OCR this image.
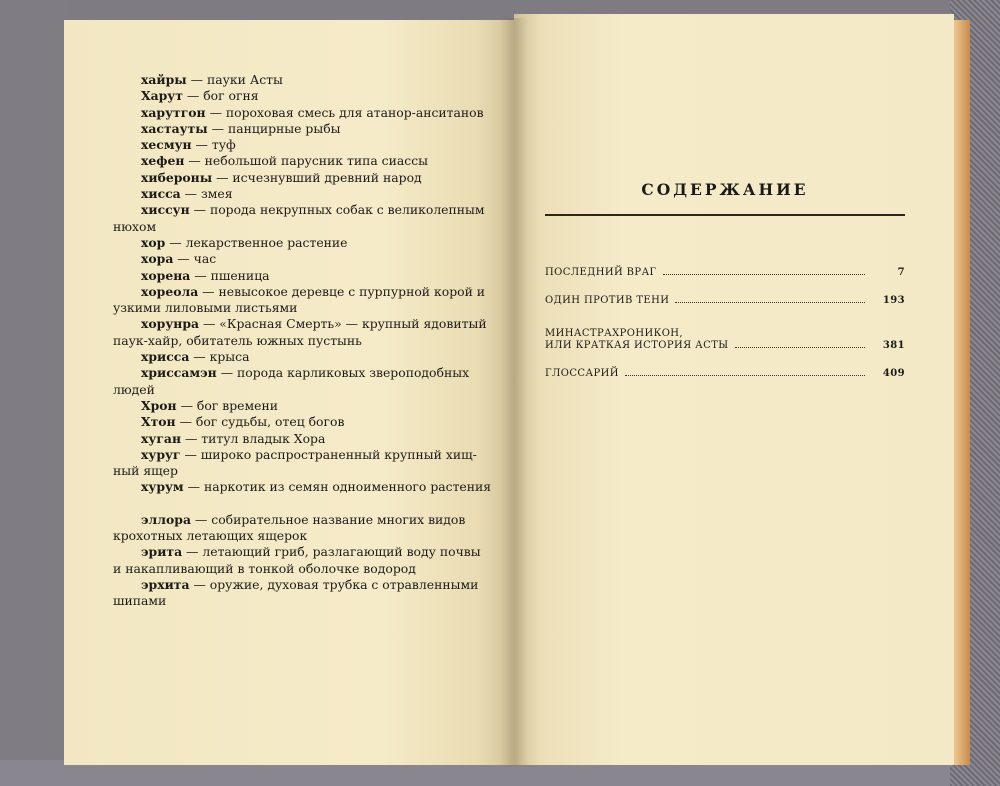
хайры — пауки Асты
Харут — бог огня
харутгон — пороховая смесь для атанор-анситанов
хастауты — панцирные рыбы
хесмун — туф
хефен — небольшой парусник типа сиассы
хибероны — исчезнувший древний народ
хисса — змея
хиссун — порода некрупных собак с великолепным
нюхом
хор — лекарственное растение
хора — час
хорена — пшеница
хореола — невысокое деревце с пурпурной корой и
узкими лиловыми листьями
хорунра — «Красная Смерть» — крупный ядовитый
паук-хайр, обитатель южных пустынь
хрисса — крыса
хриссамэн — порода карликовых звероподобных
людей
Хрон — бог времени
Хтон — бог судьбы, отец богов
хуган — титул владык Хора
хуруг — широко распространенный крупный хищ-
ный ящер
хурум — наркотик из семян одноименного растения
эллора — собирательное название многих видов
крохотных летающих ящерок
эрита — летающий гриб, разлагающий воду почвы
и накапливающий в тонкой оболочке водород
эрхита — оружие, духовая трубка с отравленными
шипами
СОДЕРЖАНИЕ
ПОСЛЕДНИЙ ВРАГ	7
ОДИН ПРОТИВ ТЕНИ	193
МИНАСТРАХРОНИКОН,
ИЛИ КРАТКАЯ ИСТОРИЯ АСТЫ	381
ГЛОССАРИЙ	409
